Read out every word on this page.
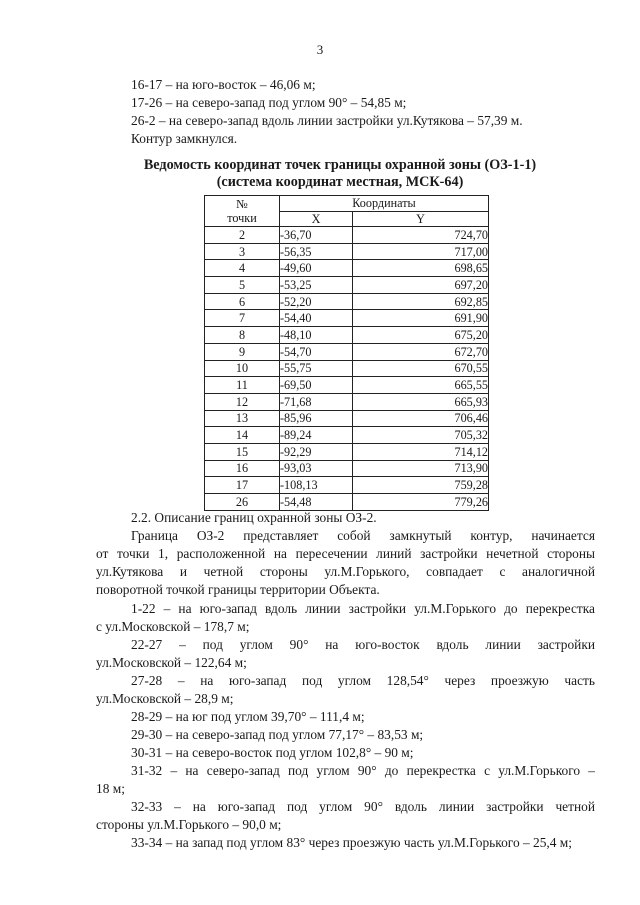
3
16-17 – на юго-восток – 46,06 м;
17-26 – на северо-запад под углом 90° – 54,85 м;
26-2 – на северо-запад вдоль линии застройки ул.Кутякова – 57,39 м.
Контур замкнулся.
Ведомость координат точек границы охранной зоны (ОЗ-1-1)
(система координат местная, МСК-64)
№
точки	Координаты	
	X	Y
2	-36,70	724,70
3	-56,35	717,00
4	-49,60	698,65
5	-53,25	697,20
6	-52,20	692,85
7	-54,40	691,90
8	-48,10	675,20
9	-54,70	672,70
10	-55,75	670,55
11	-69,50	665,55
12	-71,68	665,93
13	-85,96	706,46
14	-89,24	705,32
15	-92,29	714,12
16	-93,03	713,90
17	-108,13	759,28
26	-54,48	779,26
2.2. Описание границ охранной зоны ОЗ-2.
Граница ОЗ-2 представляет собой замкнутый контур, начинается
от точки 1, расположенной на пересечении линий застройки нечетной стороны
ул.Кутякова и четной стороны ул.М.Горького, совпадает с аналогичной
поворотной точкой границы территории Объекта.
1-22 – на юго-запад вдоль линии застройки ул.М.Горького до перекрестка
с ул.Московской – 178,7 м;
22-27 – под углом 90° на юго-восток вдоль линии застройки
ул.Московской – 122,64 м;
27-28 – на юго-запад под углом 128,54° через проезжую часть
ул.Московской – 28,9 м;
28-29 – на юг под углом 39,70° – 111,4 м;
29-30 – на северо-запад под углом 77,17° – 83,53 м;
30-31 – на северо-восток под углом 102,8° – 90 м;
31-32 – на северо-запад под углом 90° до перекрестка с ул.М.Горького –
18 м;
32-33 – на юго-запад под углом 90° вдоль линии застройки четной
стороны ул.М.Горького – 90,0 м;
33-34 – на запад под углом 83° через проезжую часть ул.М.Горького – 25,4 м;
